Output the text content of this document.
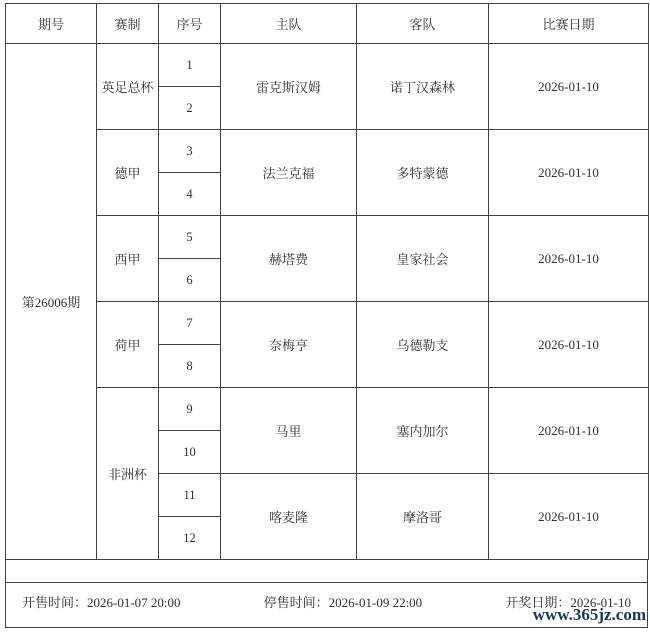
期号	赛制	序号	主队	客队	比赛日期
第26006期	英足总杯	1	雷克斯汉姆	诺丁汉森林	2026-01-10
		2			
	德甲	3	法兰克福	多特蒙德	2026-01-10
		4			
	西甲	5	赫塔费	皇家社会	2026-01-10
		6			
	荷甲	7	奈梅亨	乌德勒支	2026-01-10
		8			
	非洲杯	9	马里	塞内加尔	2026-01-10
		10			
		11	喀麦隆	摩洛哥	2026-01-10
		12			
开售时间：2026-01-07 20:00	停售时间：2026-01-09 22:00	开奖日期：2026-01-10
www.365jz.com
